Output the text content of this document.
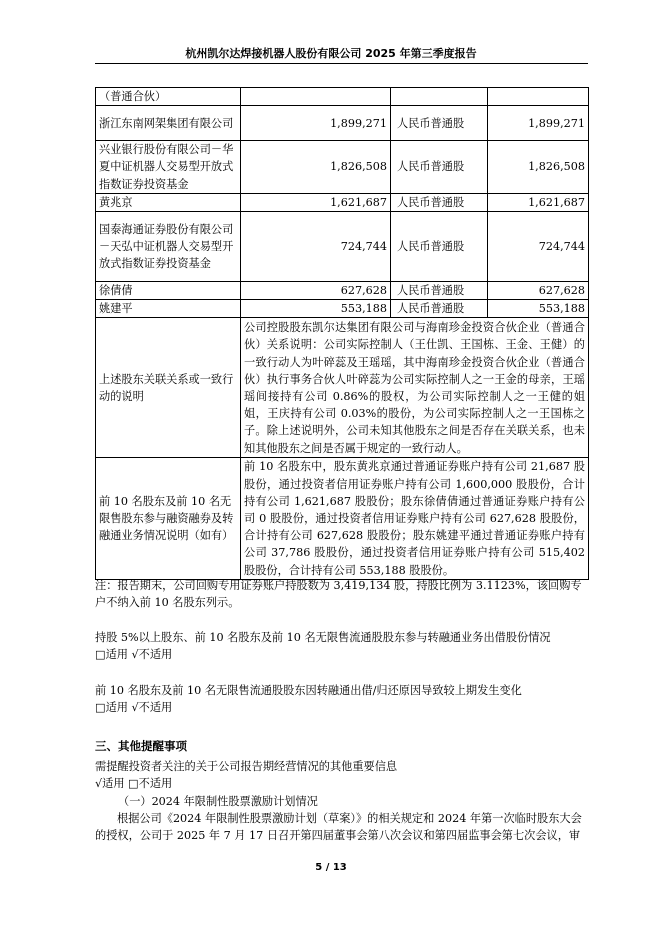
杭州凯尔达焊接机器人股份有限公司 2025 年第三季度报告
（普通合伙）			
浙江东南网架集团有限公司	1,899,271	人民币普通股	1,899,271
兴业银行股份有限公司－华夏中证机器人交易型开放式指数证券投资基金	1,826,508	人民币普通股	1,826,508
黄兆京	1,621,687	人民币普通股	1,621,687
国泰海通证券股份有限公司－天弘中证机器人交易型开放式指数证券投资基金	724,744	人民币普通股	724,744
徐倩倩	627,628	人民币普通股	627,628
姚建平	553,188	人民币普通股	553,188
上述股东关联关系或一致行动的说明	公司控股股东凯尔达集团有限公司与海南珍金投资合伙企业（普通合伙）关系说明：公司实际控制人（王仕凯、王国栋、王金、王健）的一致行动人为叶碎蕊及王瑶瑶，其中海南珍金投资合伙企业（普通合伙）执行事务合伙人叶碎蕊为公司实际控制人之一王金的母亲，王瑶瑶间接持有公司 0.86%的股权，为公司实际控制人之一王健的姐姐，王庆持有公司 0.03%的股份，为公司实际控制人之一王国栋之子。除上述说明外，公司未知其他股东之间是否存在关联关系，也未知其他股东之间是否属于规定的一致行动人。		
前 10 名股东及前 10 名无限售股东参与融资融券及转融通业务情况说明（如有）	前 10 名股东中，股东黄兆京通过普通证券账户持有公司 21,687 股股份，通过投资者信用证券账户持有公司 1,600,000 股股份，合计持有公司 1,621,687 股股份；股东徐倩倩通过普通证券账户持有公司 0 股股份，通过投资者信用证券账户持有公司 627,628 股股份，合计持有公司 627,628 股股份；股东姚建平通过普通证券账户持有公司 37,786 股股份，通过投资者信用证券账户持有公司 515,402 股股份，合计持有公司 553,188 股股份。		

注：报告期末，公司回购专用证券账户持股数为 3,419,134 股，持股比例为 3.1123%，该回购专户不纳入前 10 名股东列示。

持股 5%以上股东、前 10 名股东及前 10 名无限售流通股股东参与转融通业务出借股份情况

□适用 √不适用

前 10 名股东及前 10 名无限售流通股股东因转融通出借/归还原因导致较上期发生变化

□适用 √不适用

三、其他提醒事项

需提醒投资者关注的关于公司报告期经营情况的其他重要信息

√适用 □不适用

（一）2024 年限制性股票激励计划情况

根据公司《2024 年限制性股票激励计划（草案）》的相关规定和 2024 年第一次临时股东大会的授权，公司于 2025 年 7 月 17 日召开第四届董事会第八次会议和第四届监事会第七次会议，审

5 / 13
